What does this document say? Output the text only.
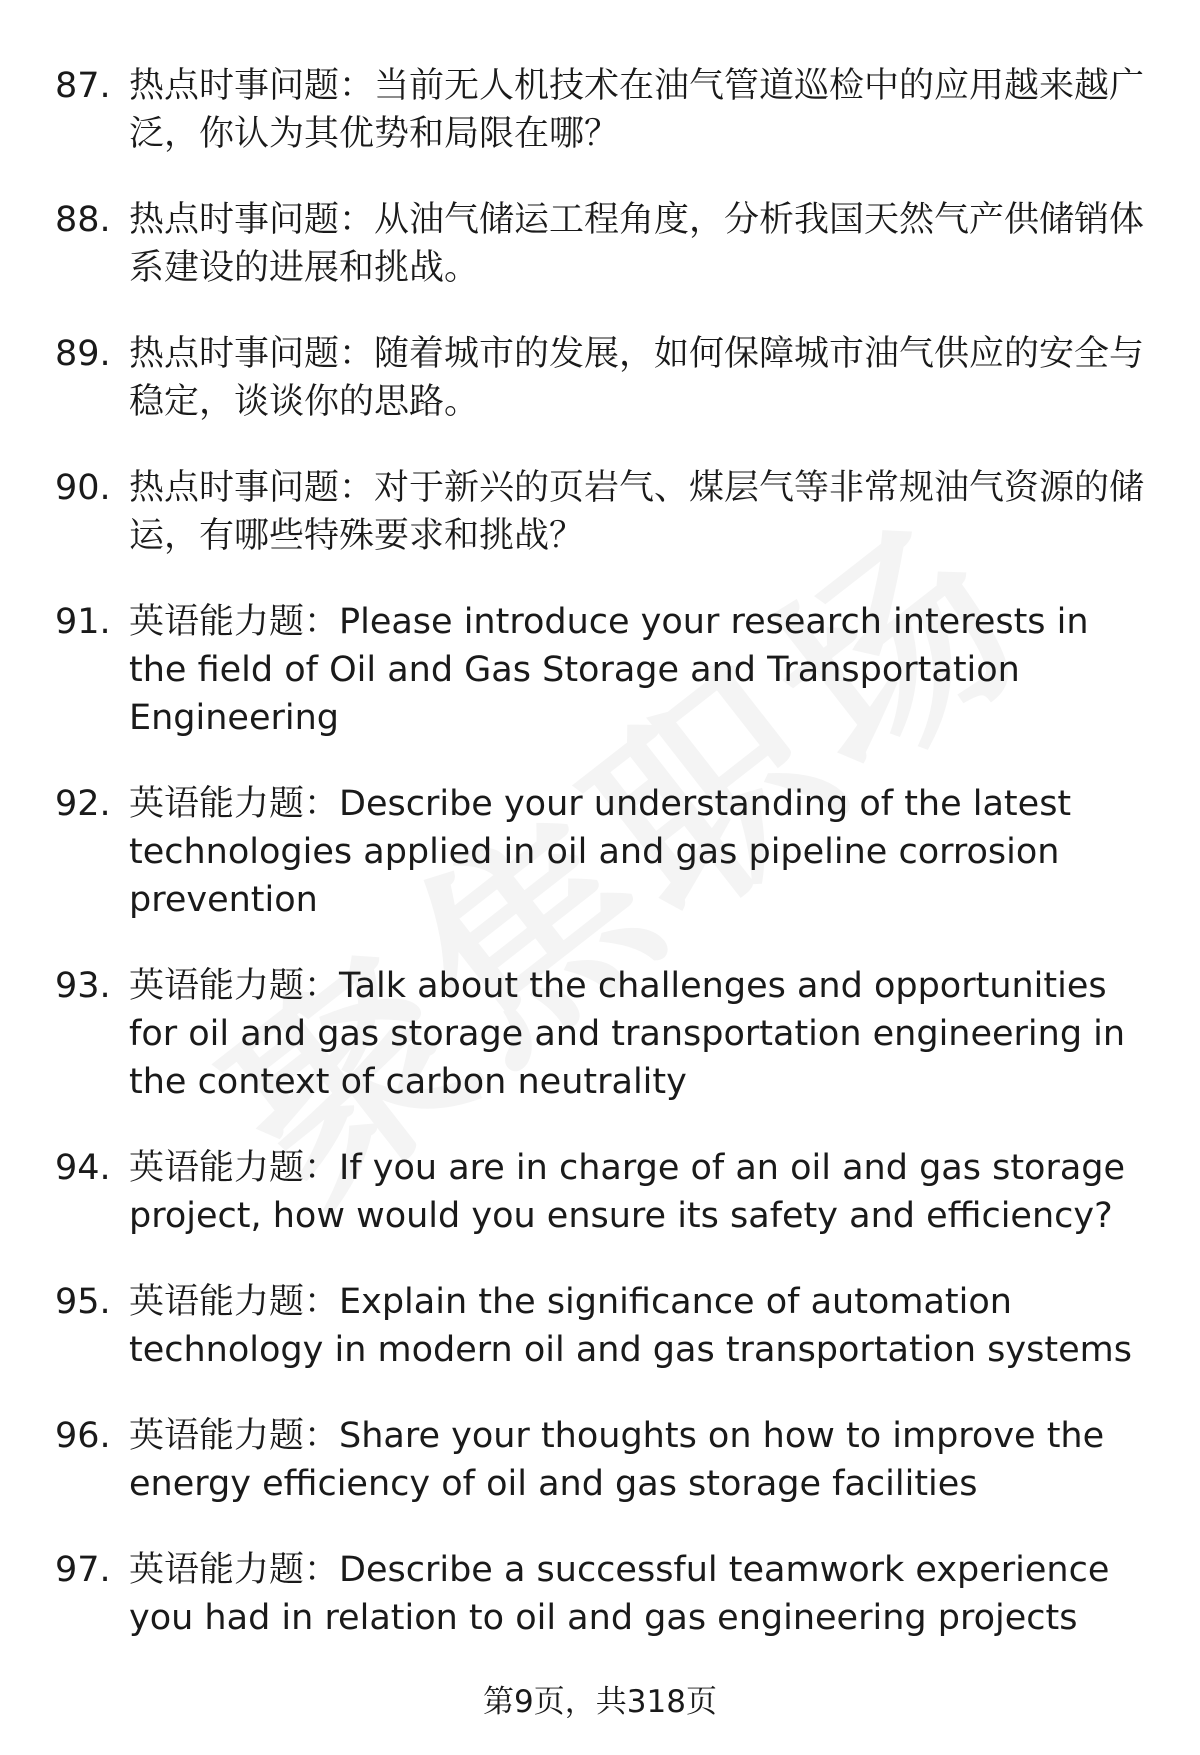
87. 热点时事问题：当前无人机技术在油气管道巡检中的应用越来越广泛，你认为其优势和局限在哪？
88. 热点时事问题：从油气储运工程角度，分析我国天然气产供储销体系建设的进展和挑战。
89. 热点时事问题：随着城市的发展，如何保障城市油气供应的安全与稳定，谈谈你的思路。
90. 热点时事问题：对于新兴的页岩气、煤层气等非常规油气资源的储运，有哪些特殊要求和挑战？
91. 英语能力题：Please introduce your research interests in the field of Oil and Gas Storage and Transportation Engineering
92. 英语能力题：Describe your understanding of the latest technologies applied in oil and gas pipeline corrosion prevention
93. 英语能力题：Talk about the challenges and opportunities for oil and gas storage and transportation engineering in the context of carbon neutrality
94. 英语能力题：If you are in charge of an oil and gas storage project, how would you ensure its safety and efficiency?
95. 英语能力题：Explain the significance of automation technology in modern oil and gas transportation systems
96. 英语能力题：Share your thoughts on how to improve the energy efficiency of oil and gas storage facilities
97. 英语能力题：Describe a successful teamwork experience you had in relation to oil and gas engineering projects
第9页，共318页
